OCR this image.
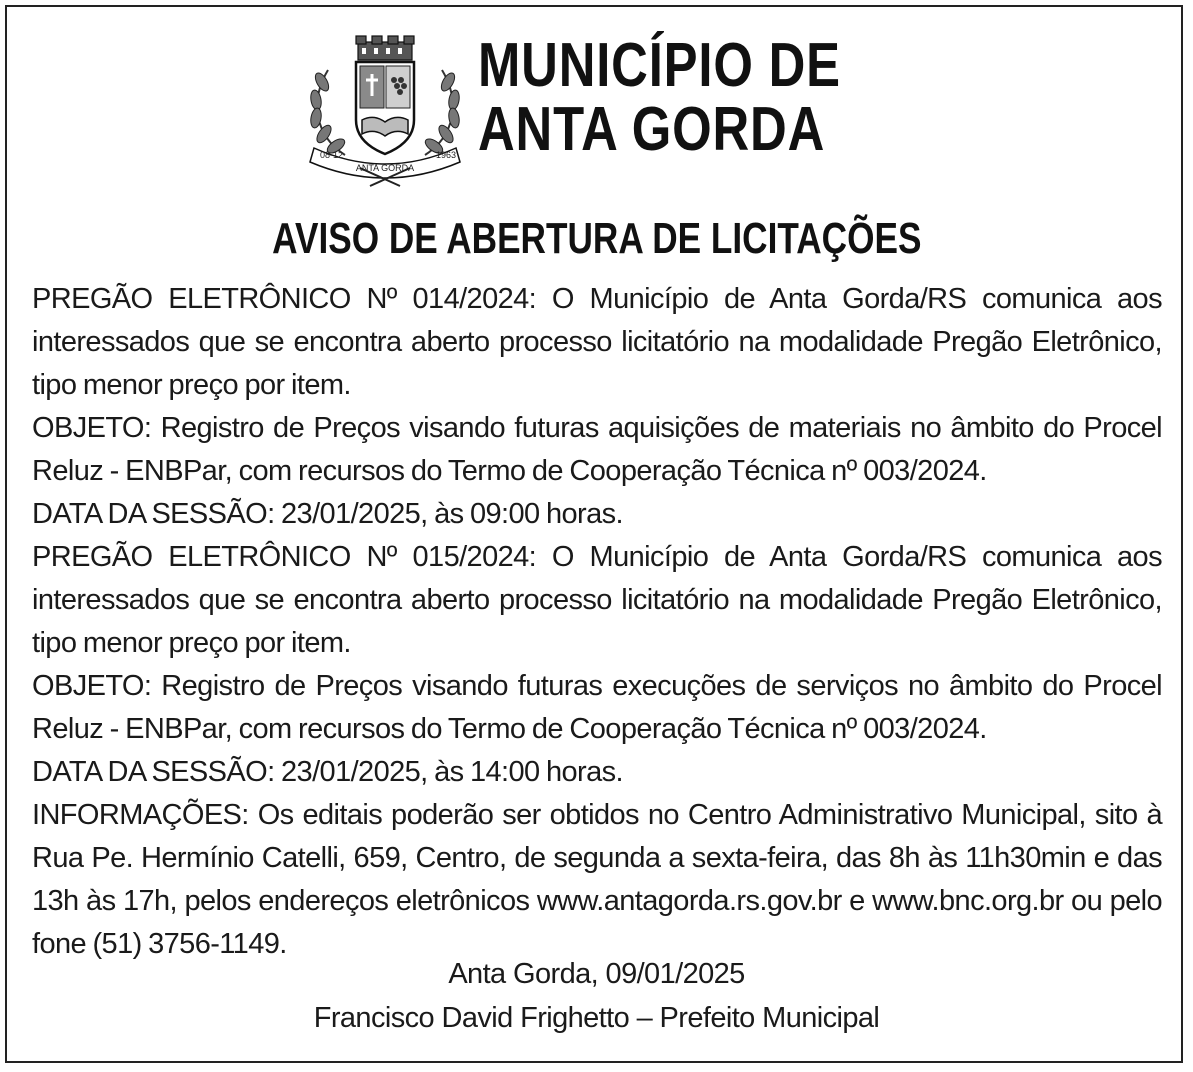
ANTA GORDA
08-12	1963
MUNICÍPIO DE
ANTA GORDA
AVISO DE ABERTURA DE LICITAÇÕES

PREGÃO ELETRÔNICO Nº 014/2024: O Município de Anta Gorda/RS comunica aos interessados que se encontra aberto processo licitatório na modalidade Pregão Eletrônico, tipo menor preço por item.

OBJETO: Registro de Preços visando futuras aquisições de materiais no âmbito do Procel Reluz - ENBPar, com recursos do Termo de Cooperação Técnica nº 003/2024.

DATA DA SESSÃO: 23/01/2025, às 09:00 horas.

PREGÃO ELETRÔNICO Nº 015/2024: O Município de Anta Gorda/RS comunica aos interessados que se encontra aberto processo licitatório na modalidade Pregão Eletrônico, tipo menor preço por item.

OBJETO: Registro de Preços visando futuras execuções de serviços no âmbito do Procel Reluz - ENBPar, com recursos do Termo de Cooperação Técnica nº 003/2024.

DATA DA SESSÃO: 23/01/2025, às 14:00 horas.

INFORMAÇÕES: Os editais poderão ser obtidos no Centro Administrativo Municipal, sito à Rua Pe. Hermínio Catelli, 659, Centro, de segunda a sexta-feira, das 8h às 11h30min e das 13h às 17h, pelos endereços eletrônicos www.antagorda.rs.gov.br e www.bnc.org.br ou pelo fone (51) 3756-1149.

Anta Gorda, 09/01/2025
Francisco David Frighetto – Prefeito Municipal
